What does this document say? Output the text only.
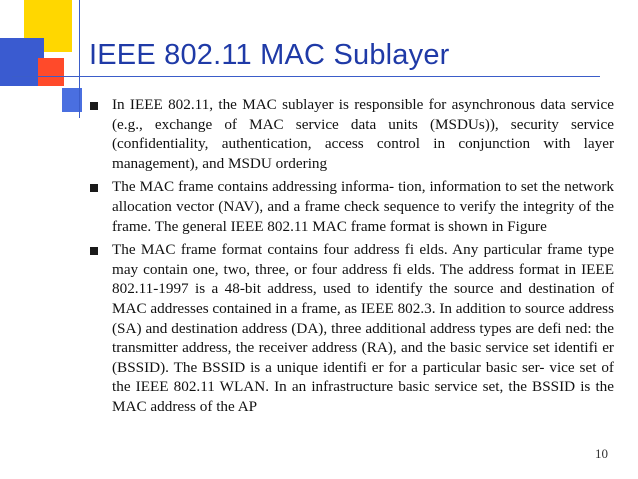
IEEE 802.11 MAC Sublayer

In IEEE 802.11, the MAC sublayer is responsible for asynchronous data service (e.g., exchange of MAC service data units (MSDUs)), security service (confidentiality, authentication, access control in conjunction with layer management), and MSDU ordering

The MAC frame contains addressing informa- tion, information to set the network allocation vector (NAV), and a frame check sequence to verify the integrity of the frame. The general IEEE 802.11 MAC frame format is shown in Figure

The MAC frame format contains four address fi elds. Any particular frame type may contain one, two, three, or four address fi elds. The address format in IEEE 802.11-1997 is a 48-bit address, used to identify the source and destination of MAC addresses contained in a frame, as IEEE 802.3. In addition to source address (SA) and destination address (DA), three additional address types are defi ned: the transmitter address, the receiver address (RA), and the basic service set identifi er (BSSID). The BSSID is a unique identifi er for a particular basic ser- vice set of the IEEE 802.11 WLAN. In an infrastructure basic service set, the BSSID is the MAC address of the AP

10
